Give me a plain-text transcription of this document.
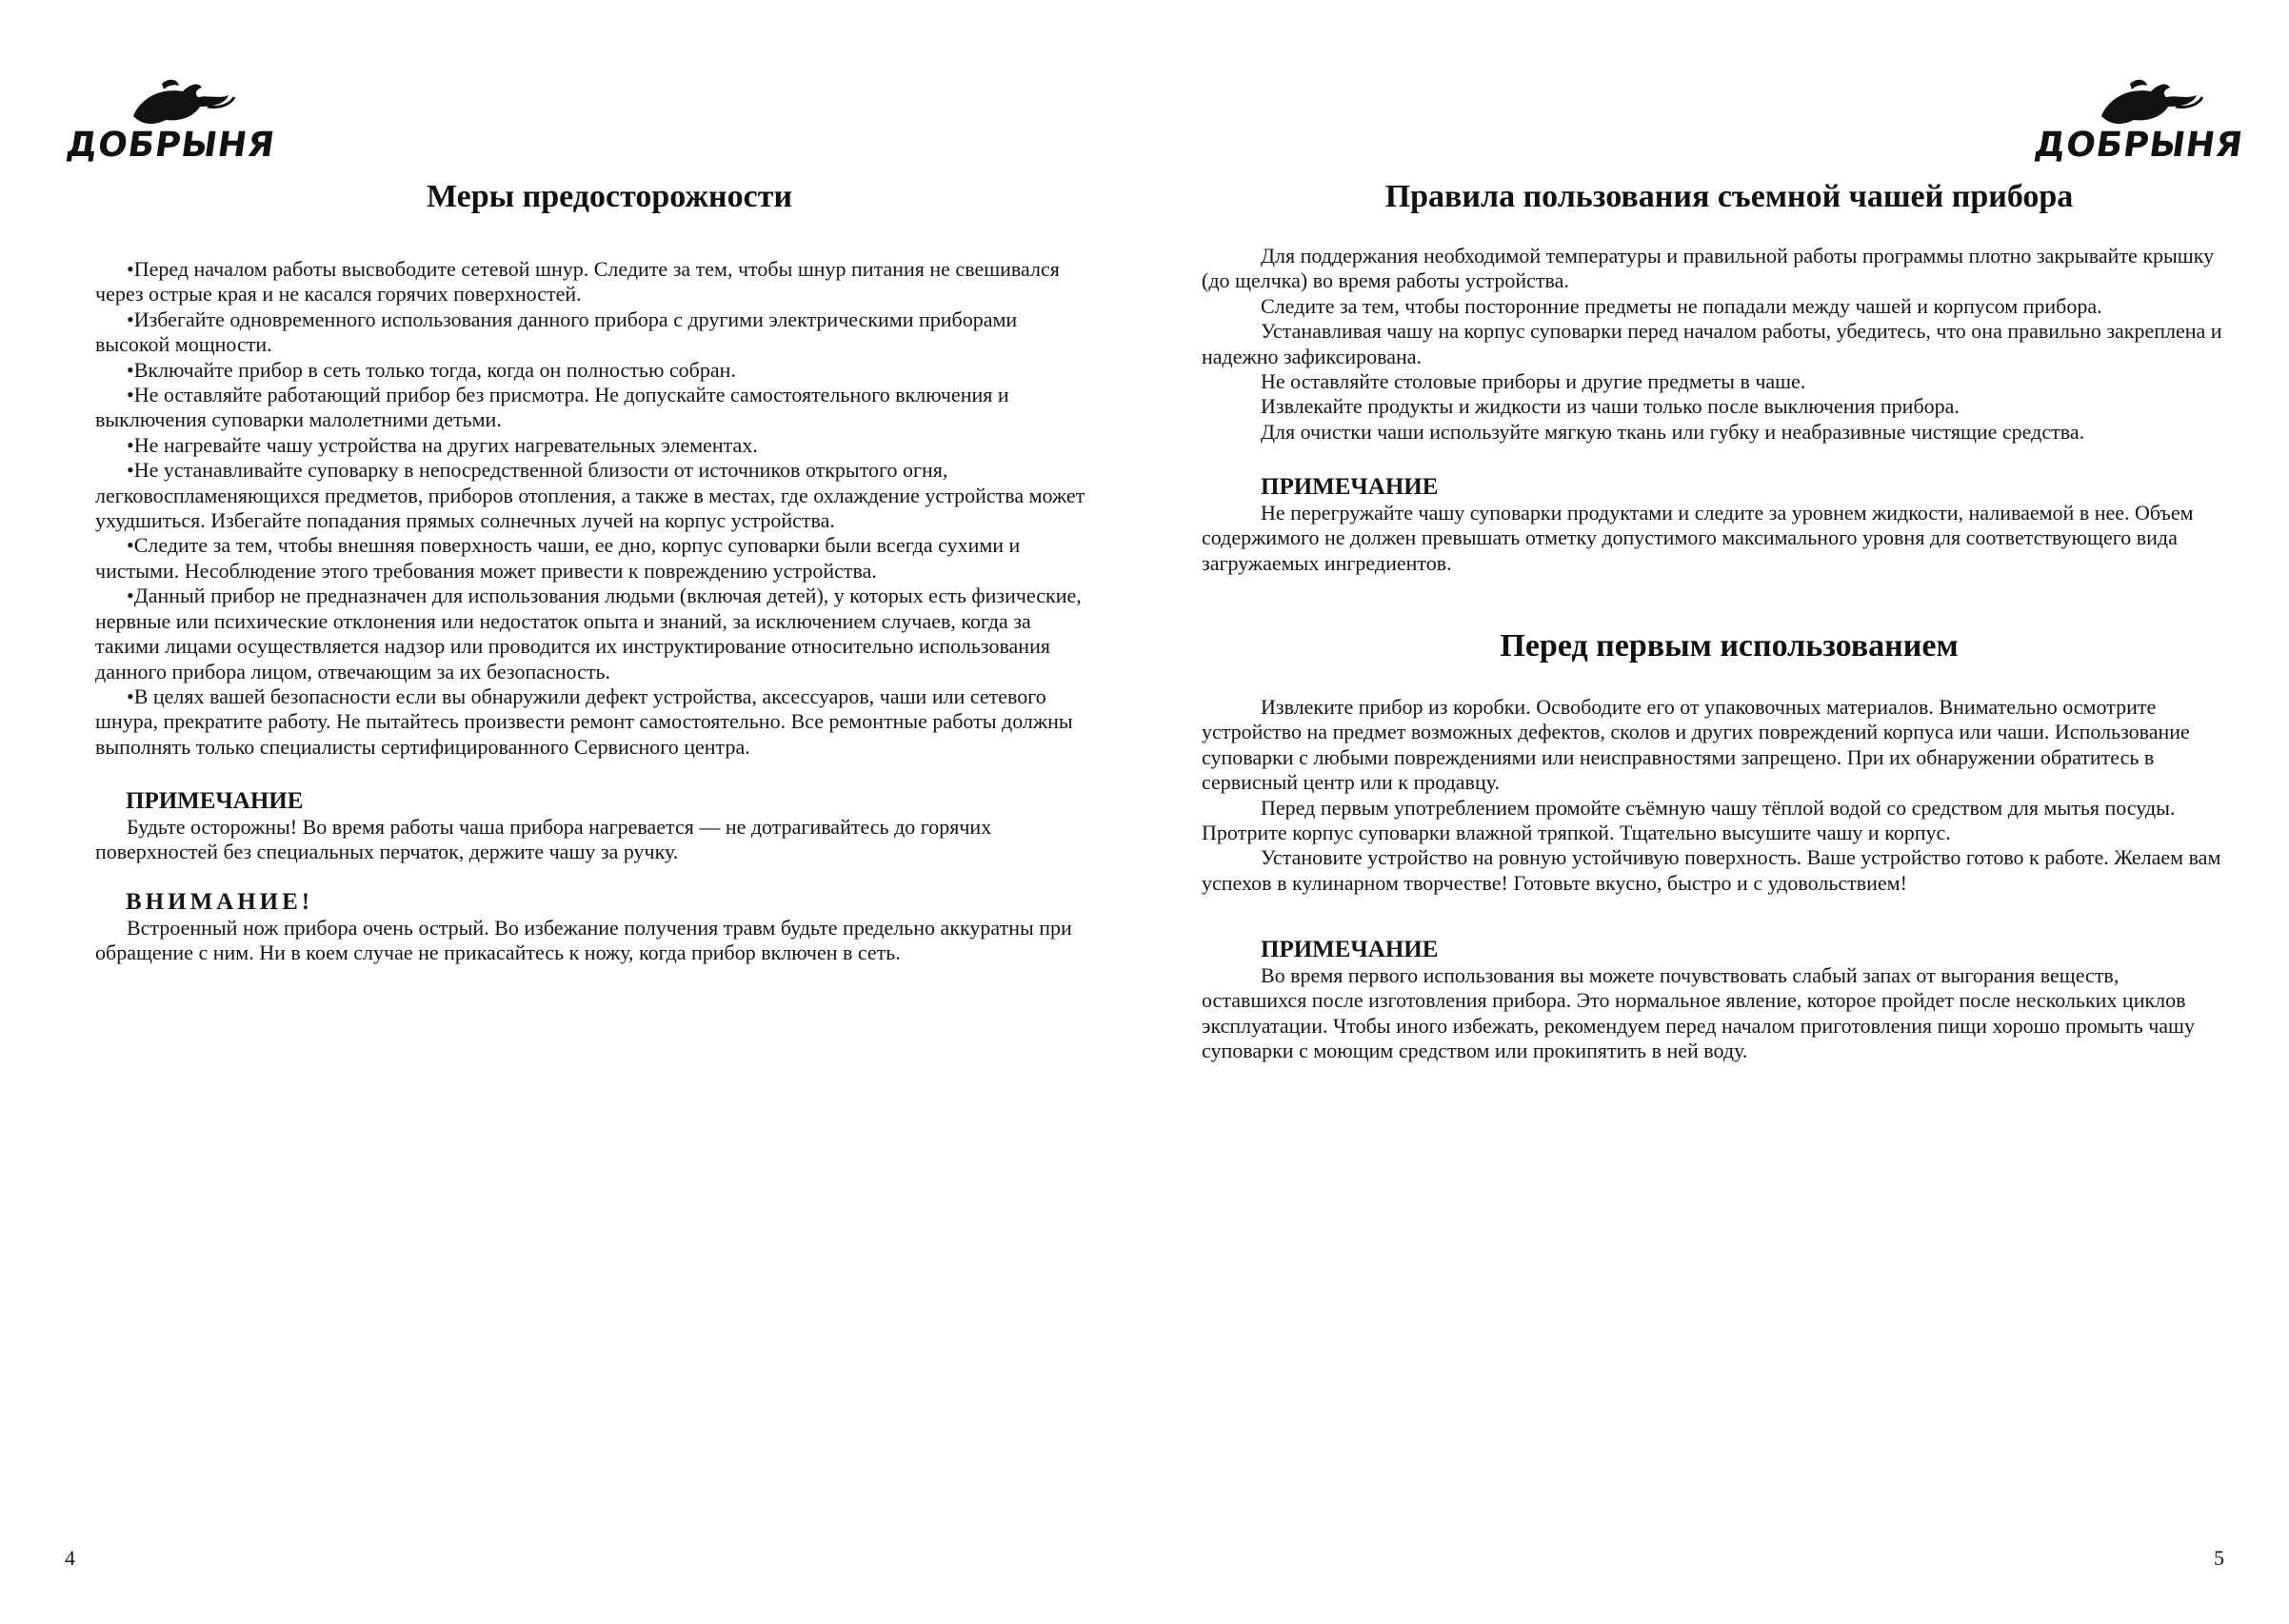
ДОБРЫНЯ
Меры предосторожности

•Перед началом работы высвободите сетевой шнур. Следите за тем, чтобы шнур питания не свешивался через острые края и не касался горячих поверхностей.

•Избегайте одновременного использования данного прибора с другими электрическими приборами высокой мощности.

•Включайте прибор в сеть только тогда, когда он полностью собран.

•Не оставляйте работающий прибор без присмотра. Не допускайте самостоятельного включения и выключения суповарки малолетними детьми.

•Не нагревайте чашу устройства на других нагревательных элементах.

•Не устанавливайте суповарку в непосредственной близости от источников открытого огня, легковоспламеняющихся предметов, приборов отопления, а также в местах, где охлаждение устройства может ухудшиться. Избегайте попадания прямых солнечных лучей на корпус устройства.

•Следите за тем, чтобы внешняя поверхность чаши, ее дно, корпус суповарки были всегда сухими и чистыми. Несоблюдение этого требования может привести к повреждению устройства.

•Данный прибор не предназначен для использования людьми (включая детей), у которых есть физические, нервные или психические отклонения или недостаток опыта и знаний, за исключением случаев, когда за такими лицами осуществляется надзор или проводится их инструктирование относительно использования данного прибора лицом, отвечающим за их безопасность.

•В целях вашей безопасности если вы обнаружили дефект устройства, аксессуаров, чаши или сетевого шнура, прекратите работу. Не пытайтесь произвести ремонт самостоятельно. Все ремонтные работы должны выполнять только специалисты сертифицированного Сервисного центра.

ПРИМЕЧАНИЕ

Будьте осторожны! Во время работы чаша прибора нагревается — не дотрагивайтесь до горячих поверхностей без специальных перчаток, держите чашу за ручку.

ВНИМАНИЕ!

Встроенный нож прибора очень острый. Во избежание получения травм будьте предельно аккуратны при обращение с ним. Ни в коем случае не прикасайтесь к ножу, когда прибор включен в сеть.

4
ДОБРЫНЯ
Правила пользования съемной чашей прибора

Для поддержания необходимой температуры и правильной работы программы плотно закрывайте крышку (до щелчка) во время работы устройства.

Следите за тем, чтобы посторонние предметы не попадали между чашей и корпусом прибора.

Устанавливая чашу на корпус суповарки перед началом работы, убедитесь, что она правильно закреплена и надежно зафиксирована.

Не оставляйте столовые приборы и другие предметы в чаше.

Извлекайте продукты и жидкости из чаши только после выключения прибора.

Для очистки чаши используйте мягкую ткань или губку и неабразивные чистящие средства.

ПРИМЕЧАНИЕ

Не перегружайте чашу суповарки продуктами и следите за уровнем жидкости, наливаемой в нее. Объем содержимого не должен превышать отметку допустимого максимального уровня для соответствующего вида загружаемых ингредиентов.

Перед первым использованием

Извлеките прибор из коробки. Освободите его от упаковочных материалов. Внимательно осмотрите устройство на предмет возможных дефектов, сколов и других повреждений корпуса или чаши. Использование суповарки с любыми повреждениями или неисправностями запрещено. При их обнаружении обратитесь в сервисный центр или к продавцу.

Перед первым употреблением промойте съёмную чашу тёплой водой со средством для мытья посуды. Протрите корпус суповарки влажной тряпкой. Тщательно высушите чашу и корпус.

Установите устройство на ровную устойчивую поверхность. Ваше устройство готово к работе. Желаем вам успехов в кулинарном творчестве! Готовьте вкусно, быстро и с удовольствием!

ПРИМЕЧАНИЕ

Во время первого использования вы можете почувствовать слабый запах от выгорания веществ, оставшихся после изготовления прибора. Это нормальное явление, которое пройдет после нескольких циклов эксплуатации. Чтобы иного избежать, рекомендуем перед началом приготовления пищи хорошо промыть чашу суповарки с моющим средством или прокипятить в ней воду.

5
